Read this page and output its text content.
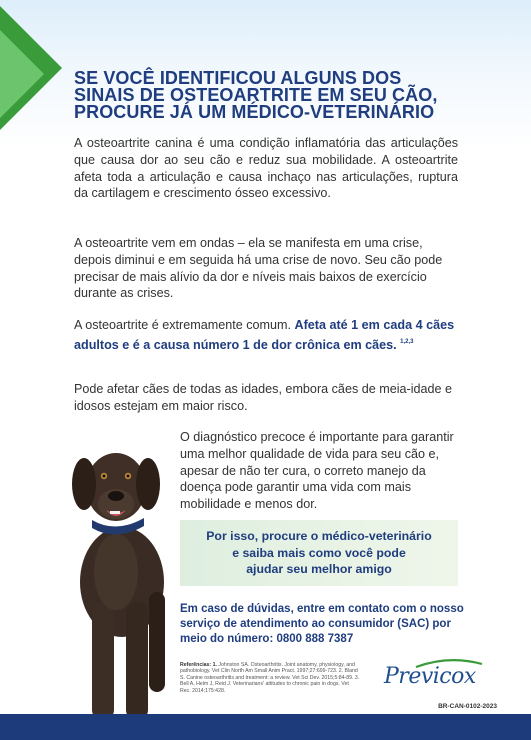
SE VOCÊ IDENTIFICOU ALGUNS DOS
SINAIS DE OSTEOARTRITE EM SEU CÃO,
PROCURE JÁ UM MÉDICO-VETERINÁRIO

A osteoartrite canina é uma condição inflamatória das articulações que causa dor ao seu cão e reduz sua mobilidade. A osteoartrite afeta toda a articulação e causa inchaço nas articulações, ruptura da cartilagem e crescimento ósseo excessivo.

A osteoartrite vem em ondas – ela se manifesta em uma crise, depois diminui e em seguida há uma crise de novo. Seu cão pode precisar de mais alívio da dor e níveis mais baixos de exercício durante as crises.

A osteoartrite é extremamente comum. Afeta até 1 em cada 4 cães adultos e é a causa número 1 de dor crônica em cães. $^{1,2,3}$

Pode afetar cães de todas as idades, embora cães de meia-idade e idosos estejam em maior risco.

O diagnóstico precoce é importante para garantir uma melhor qualidade de vida para seu cão e, apesar de não ter cura, o correto manejo da doença pode garantir uma vida com mais mobilidade e menos dor.

Por isso, procure o médico-veterinário
e saiba mais como você pode
ajudar seu melhor amigo

Em caso de dúvidas, entre em contato com o nosso serviço de atendimento ao consumidor (SAC) por meio do número: 0800 888 7387

Referências: 1. Johnston SA. Osteoarthritis. Joint anatomy, physiology, and pathobiology. Vet Clin North Am Small Anim Pract. 1997;27:699-723. 2. Bland S. Canine osteoarthritis and treatment: a review. Vet Sci Dev. 2015;5:84-89. 3. Bell A, Helm J, Reid J. Veterinarians' attitudes to chronic pain in dogs. Vet Rec. 2014;175:428.

Previcox
BR-CAN-0102-2023
